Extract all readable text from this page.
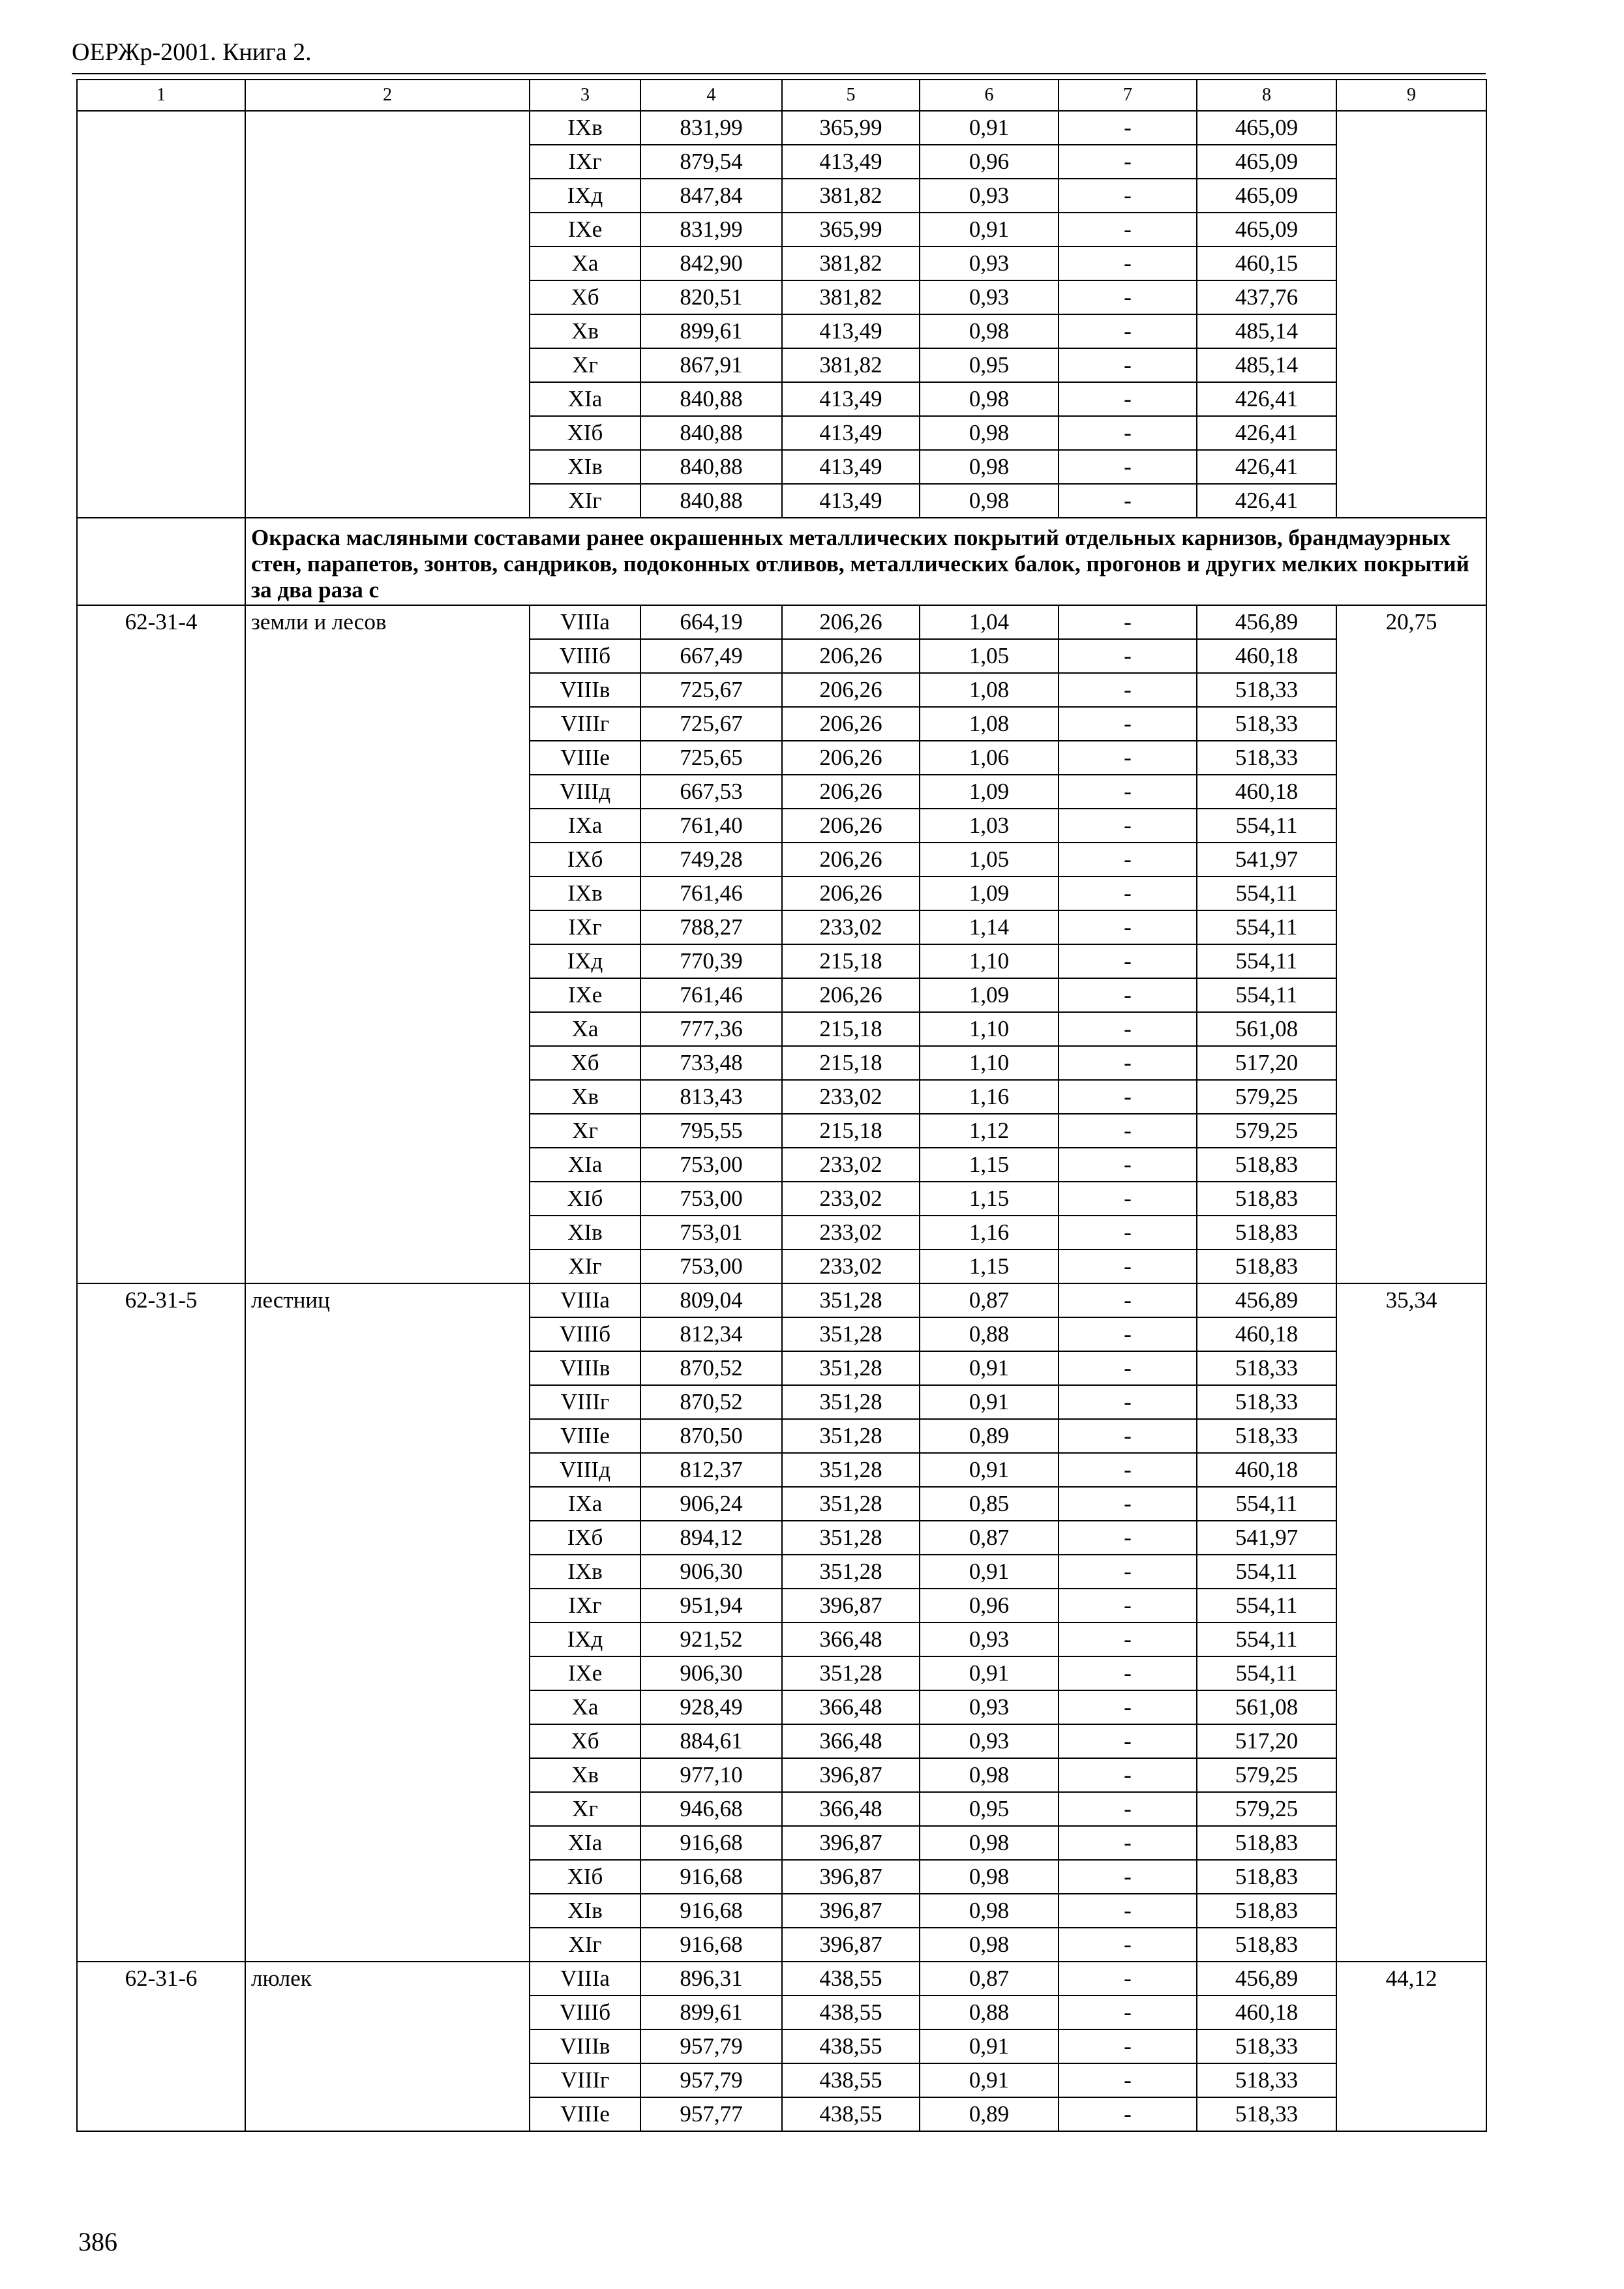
ОЕРЖр-2001. Книга 2.
1	2	3	4	5	6	7	8	9
		IXв	831,99	365,99	0,91	-	465,09	
		IXг	879,54	413,49	0,96	-	465,09	
		IXд	847,84	381,82	0,93	-	465,09	
		IXе	831,99	365,99	0,91	-	465,09	
		Xа	842,90	381,82	0,93	-	460,15	
		Xб	820,51	381,82	0,93	-	437,76	
		Xв	899,61	413,49	0,98	-	485,14	
		Xг	867,91	381,82	0,95	-	485,14	
		XIа	840,88	413,49	0,98	-	426,41	
		XIб	840,88	413,49	0,98	-	426,41	
		XIв	840,88	413,49	0,98	-	426,41	
		XIг	840,88	413,49	0,98	-	426,41	
	Окраска масляными составами ранее окрашенных металлических покрытий отдельных карнизов, брандмауэрных стен, парапетов, зонтов, сандриков, подоконных отливов, металлических балок, прогонов и других мелких покрытий за два раза с							
62-31-4	земли и лесов	VIIIа	664,19	206,26	1,04	-	456,89	20,75
		VIIIб	667,49	206,26	1,05	-	460,18	
		VIIIв	725,67	206,26	1,08	-	518,33	
		VIIIг	725,67	206,26	1,08	-	518,33	
		VIIIе	725,65	206,26	1,06	-	518,33	
		VIIIд	667,53	206,26	1,09	-	460,18	
		IXа	761,40	206,26	1,03	-	554,11	
		IXб	749,28	206,26	1,05	-	541,97	
		IXв	761,46	206,26	1,09	-	554,11	
		IXг	788,27	233,02	1,14	-	554,11	
		IXд	770,39	215,18	1,10	-	554,11	
		IXе	761,46	206,26	1,09	-	554,11	
		Xа	777,36	215,18	1,10	-	561,08	
		Xб	733,48	215,18	1,10	-	517,20	
		Xв	813,43	233,02	1,16	-	579,25	
		Xг	795,55	215,18	1,12	-	579,25	
		XIа	753,00	233,02	1,15	-	518,83	
		XIб	753,00	233,02	1,15	-	518,83	
		XIв	753,01	233,02	1,16	-	518,83	
		XIг	753,00	233,02	1,15	-	518,83	
62-31-5	лестниц	VIIIа	809,04	351,28	0,87	-	456,89	35,34
		VIIIб	812,34	351,28	0,88	-	460,18	
		VIIIв	870,52	351,28	0,91	-	518,33	
		VIIIг	870,52	351,28	0,91	-	518,33	
		VIIIе	870,50	351,28	0,89	-	518,33	
		VIIIд	812,37	351,28	0,91	-	460,18	
		IXа	906,24	351,28	0,85	-	554,11	
		IXб	894,12	351,28	0,87	-	541,97	
		IXв	906,30	351,28	0,91	-	554,11	
		IXг	951,94	396,87	0,96	-	554,11	
		IXд	921,52	366,48	0,93	-	554,11	
		IXе	906,30	351,28	0,91	-	554,11	
		Xа	928,49	366,48	0,93	-	561,08	
		Xб	884,61	366,48	0,93	-	517,20	
		Xв	977,10	396,87	0,98	-	579,25	
		Xг	946,68	366,48	0,95	-	579,25	
		XIа	916,68	396,87	0,98	-	518,83	
		XIб	916,68	396,87	0,98	-	518,83	
		XIв	916,68	396,87	0,98	-	518,83	
		XIг	916,68	396,87	0,98	-	518,83	
62-31-6	люлек	VIIIа	896,31	438,55	0,87	-	456,89	44,12
		VIIIб	899,61	438,55	0,88	-	460,18	
		VIIIв	957,79	438,55	0,91	-	518,33	
		VIIIг	957,79	438,55	0,91	-	518,33	
		VIIIе	957,77	438,55	0,89	-	518,33	
386
